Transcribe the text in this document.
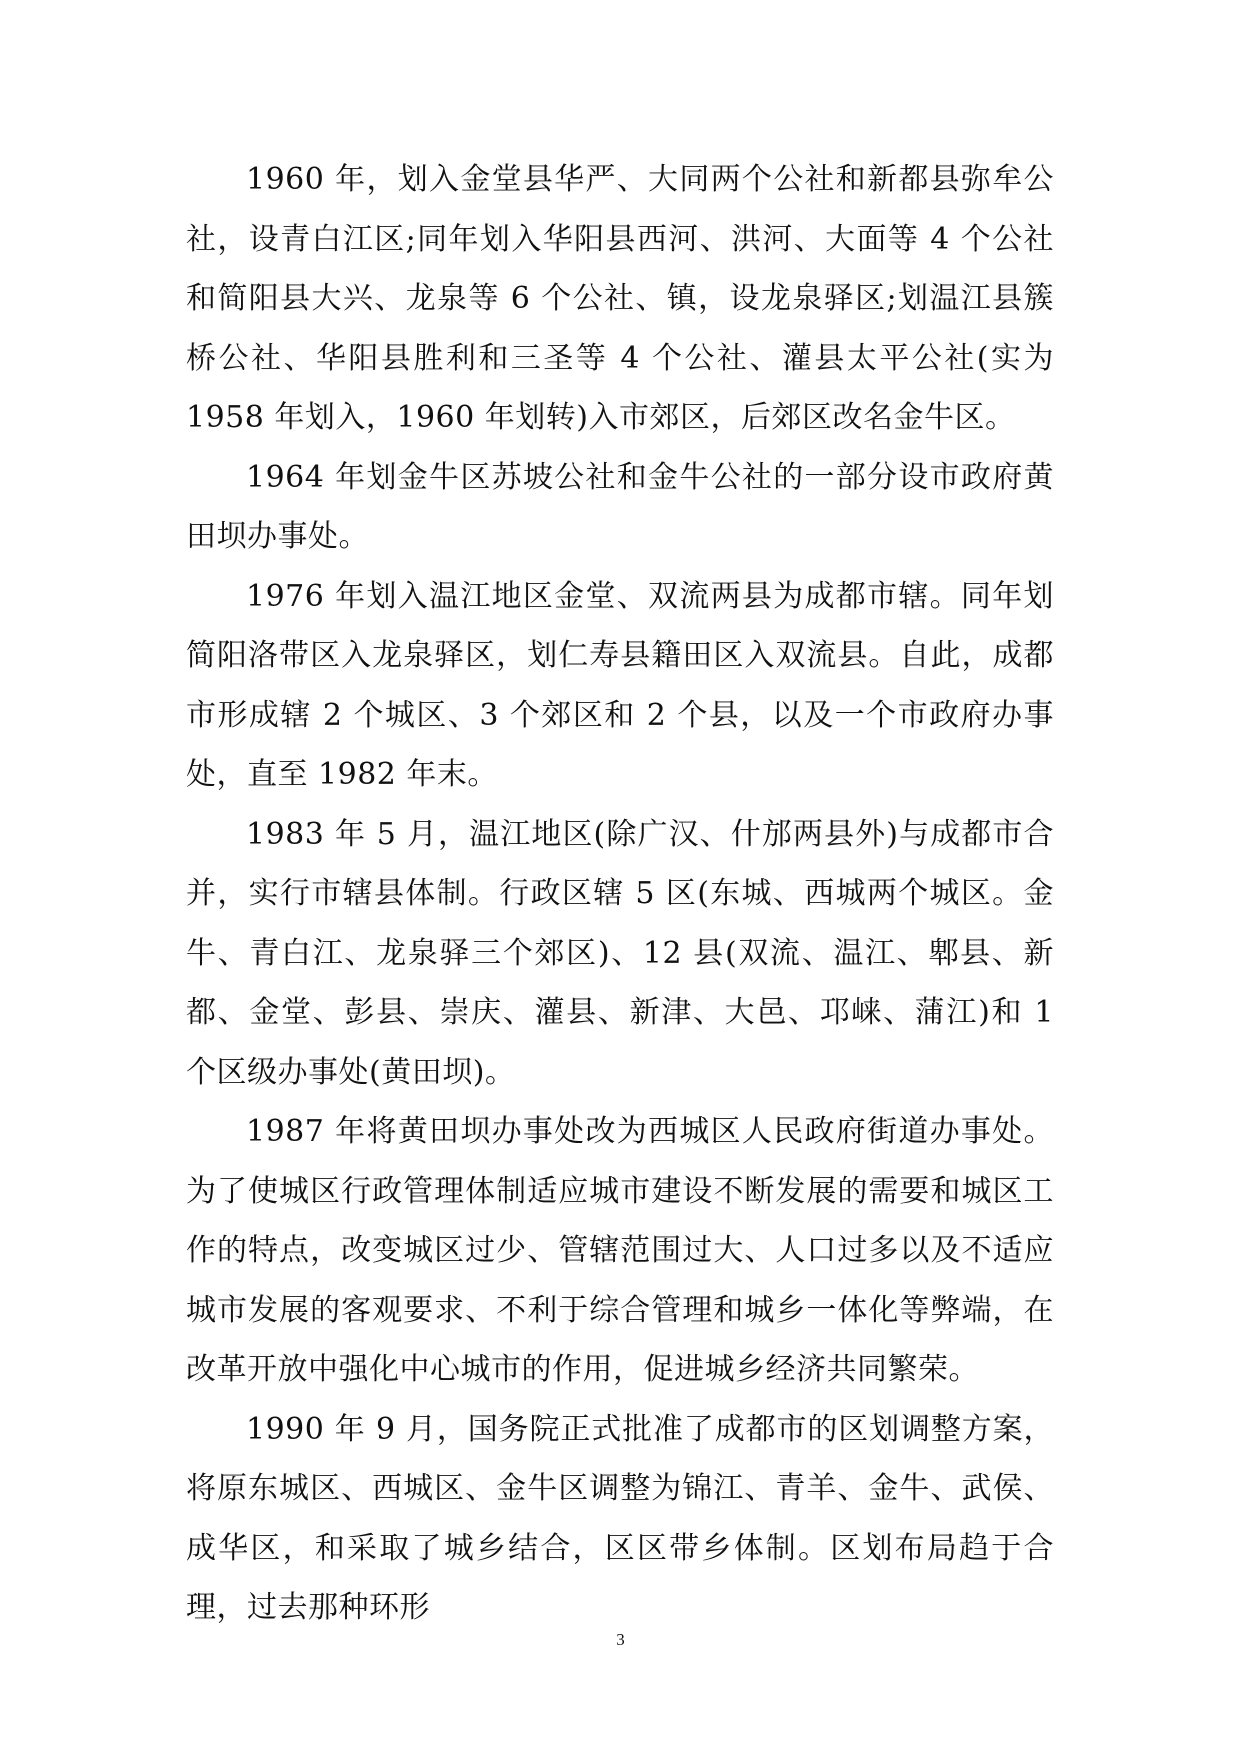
1960 年，划入金堂县华严、大同两个公社和新都县弥牟公社，设青白江区;同年划入华阳县西河、洪河、大面等 4 个公社和简阳县大兴、龙泉等 6 个公社、镇，设龙泉驿区;划温江县簇桥公社、华阳县胜利和三圣等 4 个公社、灌县太平公社(实为 1958 年划入，1960 年划转)入市郊区，后郊区改名金牛区。

1964 年划金牛区苏坡公社和金牛公社的一部分设市政府黄田坝办事处。

1976 年划入温江地区金堂、双流两县为成都市辖。同年划简阳洛带区入龙泉驿区，划仁寿县籍田区入双流县。自此，成都市形成辖 2 个城区、3 个郊区和 2 个县，以及一个市政府办事处，直至 1982 年末。

1983 年 5 月，温江地区(除广汉、什邡两县外)与成都市合并，实行市辖县体制。行政区辖 5 区(东城、西城两个城区。金牛、青白江、龙泉驿三个郊区)、12 县(双流、温江、郫县、新都、金堂、彭县、崇庆、灌县、新津、大邑、邛崃、蒲江)和 1 个区级办事处(黄田坝)。

1987 年将黄田坝办事处改为西城区人民政府街道办事处。为了使城区行政管理体制适应城市建设不断发展的需要和城区工作的特点，改变城区过少、管辖范围过大、人口过多以及不适应城市发展的客观要求、不利于综合管理和城乡一体化等弊端，在改革开放中强化中心城市的作用，促进城乡经济共同繁荣。

1990 年 9 月，国务院正式批准了成都市的区划调整方案，将原东城区、西城区、金牛区调整为锦江、青羊、金牛、武侯、成华区，和采取了城乡结合，区区带乡体制。区划布局趋于合理，过去那种环形

3
